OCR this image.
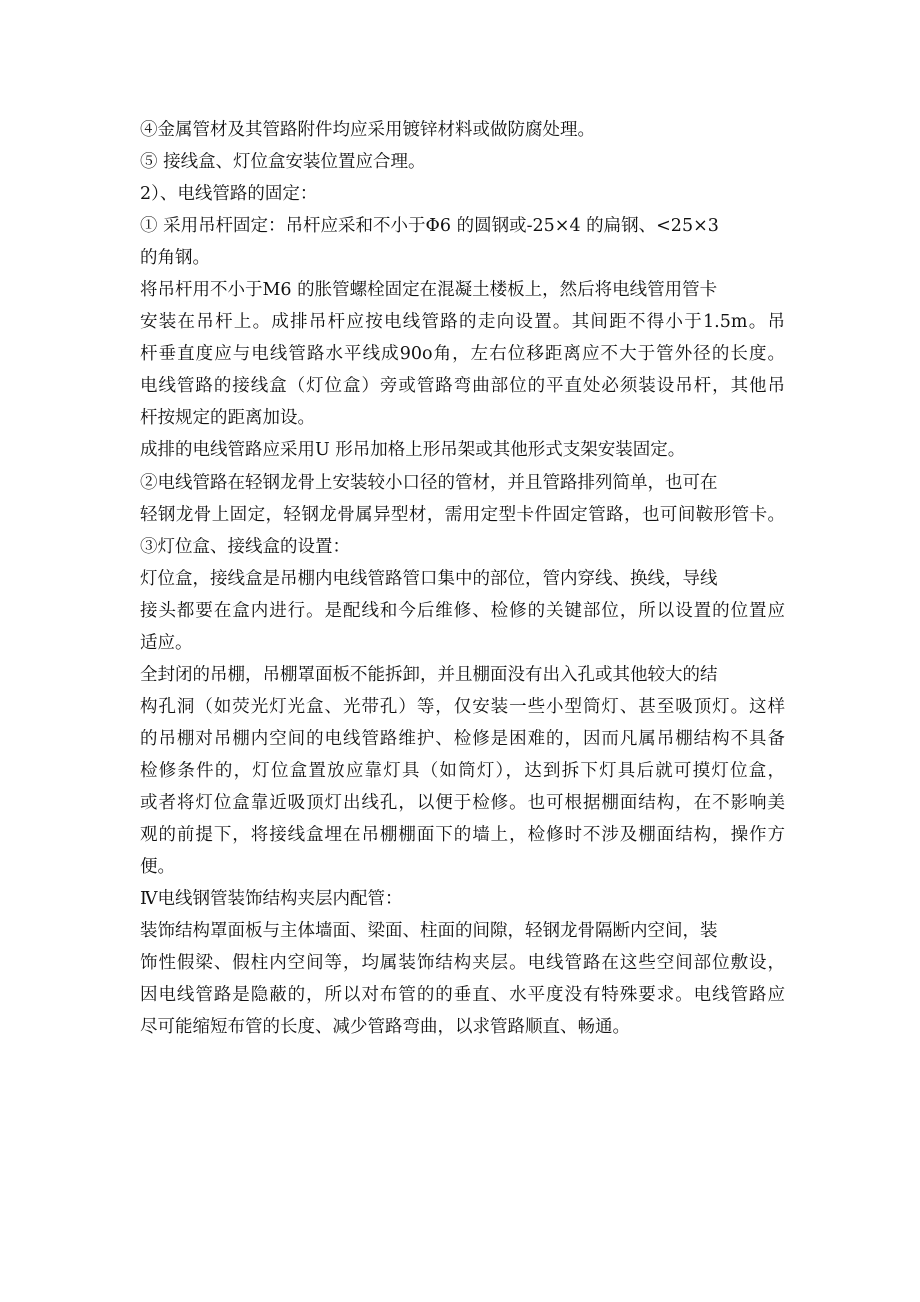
④金属管材及其管路附件均应采用镀锌材料或做防腐处理。
⑤ 接线盒、灯位盒安装位置应合理。
2）、电线管路的固定：
① 采用吊杆固定：吊杆应采和不小于Φ6 的圆钢或-25×4 的扁钢、<25×3
的角钢。
将吊杆用不小于M6 的胀管螺栓固定在混凝土楼板上，然后将电线管用管卡
安装在吊杆上。成排吊杆应按电线管路的走向设置。其间距不得小于1.5m。吊
杆垂直度应与电线管路水平线成90o角，左右位移距离应不大于管外径的长度。
电线管路的接线盒（灯位盒）旁或管路弯曲部位的平直处必须装设吊杆，其他吊
杆按规定的距离加设。
成排的电线管路应采用U 形吊加格上形吊架或其他形式支架安装固定。
②电线管路在轻钢龙骨上安装较小口径的管材，并且管路排列简单，也可在
轻钢龙骨上固定，轻钢龙骨属异型材，需用定型卡件固定管路，也可间鞍形管卡。
③灯位盒、接线盒的设置：
灯位盒，接线盒是吊棚内电线管路管口集中的部位，管内穿线、换线，导线
接头都要在盒内进行。是配线和今后维修、检修的关键部位，所以设置的位置应
适应。
全封闭的吊棚，吊棚罩面板不能拆卸，并且棚面没有出入孔或其他较大的结
构孔洞（如荧光灯光盒、光带孔）等，仅安装一些小型筒灯、甚至吸顶灯。这样
的吊棚对吊棚内空间的电线管路维护、检修是困难的，因而凡属吊棚结构不具备
检修条件的，灯位盒置放应靠灯具（如筒灯），达到拆下灯具后就可摸灯位盒，
或者将灯位盒靠近吸顶灯出线孔，以便于检修。也可根据棚面结构，在不影响美
观的前提下，将接线盒埋在吊棚棚面下的墙上，检修时不涉及棚面结构，操作方
便。
Ⅳ电线钢管装饰结构夹层内配管：
装饰结构罩面板与主体墙面、梁面、柱面的间隙，轻钢龙骨隔断内空间，装
饰性假梁、假柱内空间等，均属装饰结构夹层。电线管路在这些空间部位敷设，
因电线管路是隐蔽的，所以对布管的的垂直、水平度没有特殊要求。电线管路应
尽可能缩短布管的长度、减少管路弯曲，以求管路顺直、畅通。
